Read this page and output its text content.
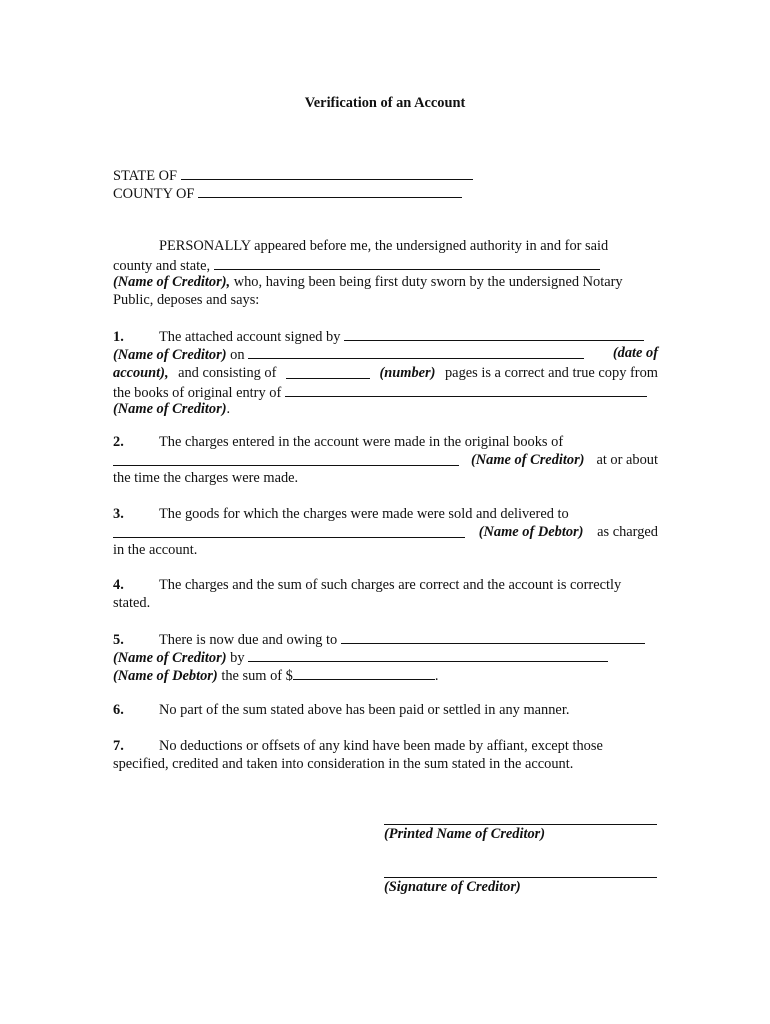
Verification of an Account
STATE OF
COUNTY OF
PERSONALLY appeared before me, the undersigned authority in and for said
county and state,
(Name of Creditor), who, having been being first duty sworn by the undersigned Notary
Public, deposes and says:
1. The attached account signed by
(Name of Creditor) on	(date of
account), and consisting of	(number) pages is a correct and true copy from
the books of original entry of
(Name of Creditor).
2. The charges entered in the account were made in the original books of
(Name of Creditor) at or about
the time the charges were made.
3. The goods for which the charges were made were sold and delivered to
(Name of Debtor) as charged
in the account.
4. The charges and the sum of such charges are correct and the account is correctly
stated.
5. There is now due and owing to
(Name of Creditor) by
(Name of Debtor) the sum of $	.
6. No part of the sum stated above has been paid or settled in any manner.
7. No deductions or offsets of any kind have been made by affiant, except those
specified, credited and taken into consideration in the sum stated in the account.
(Printed Name of Creditor)
(Signature of Creditor)
